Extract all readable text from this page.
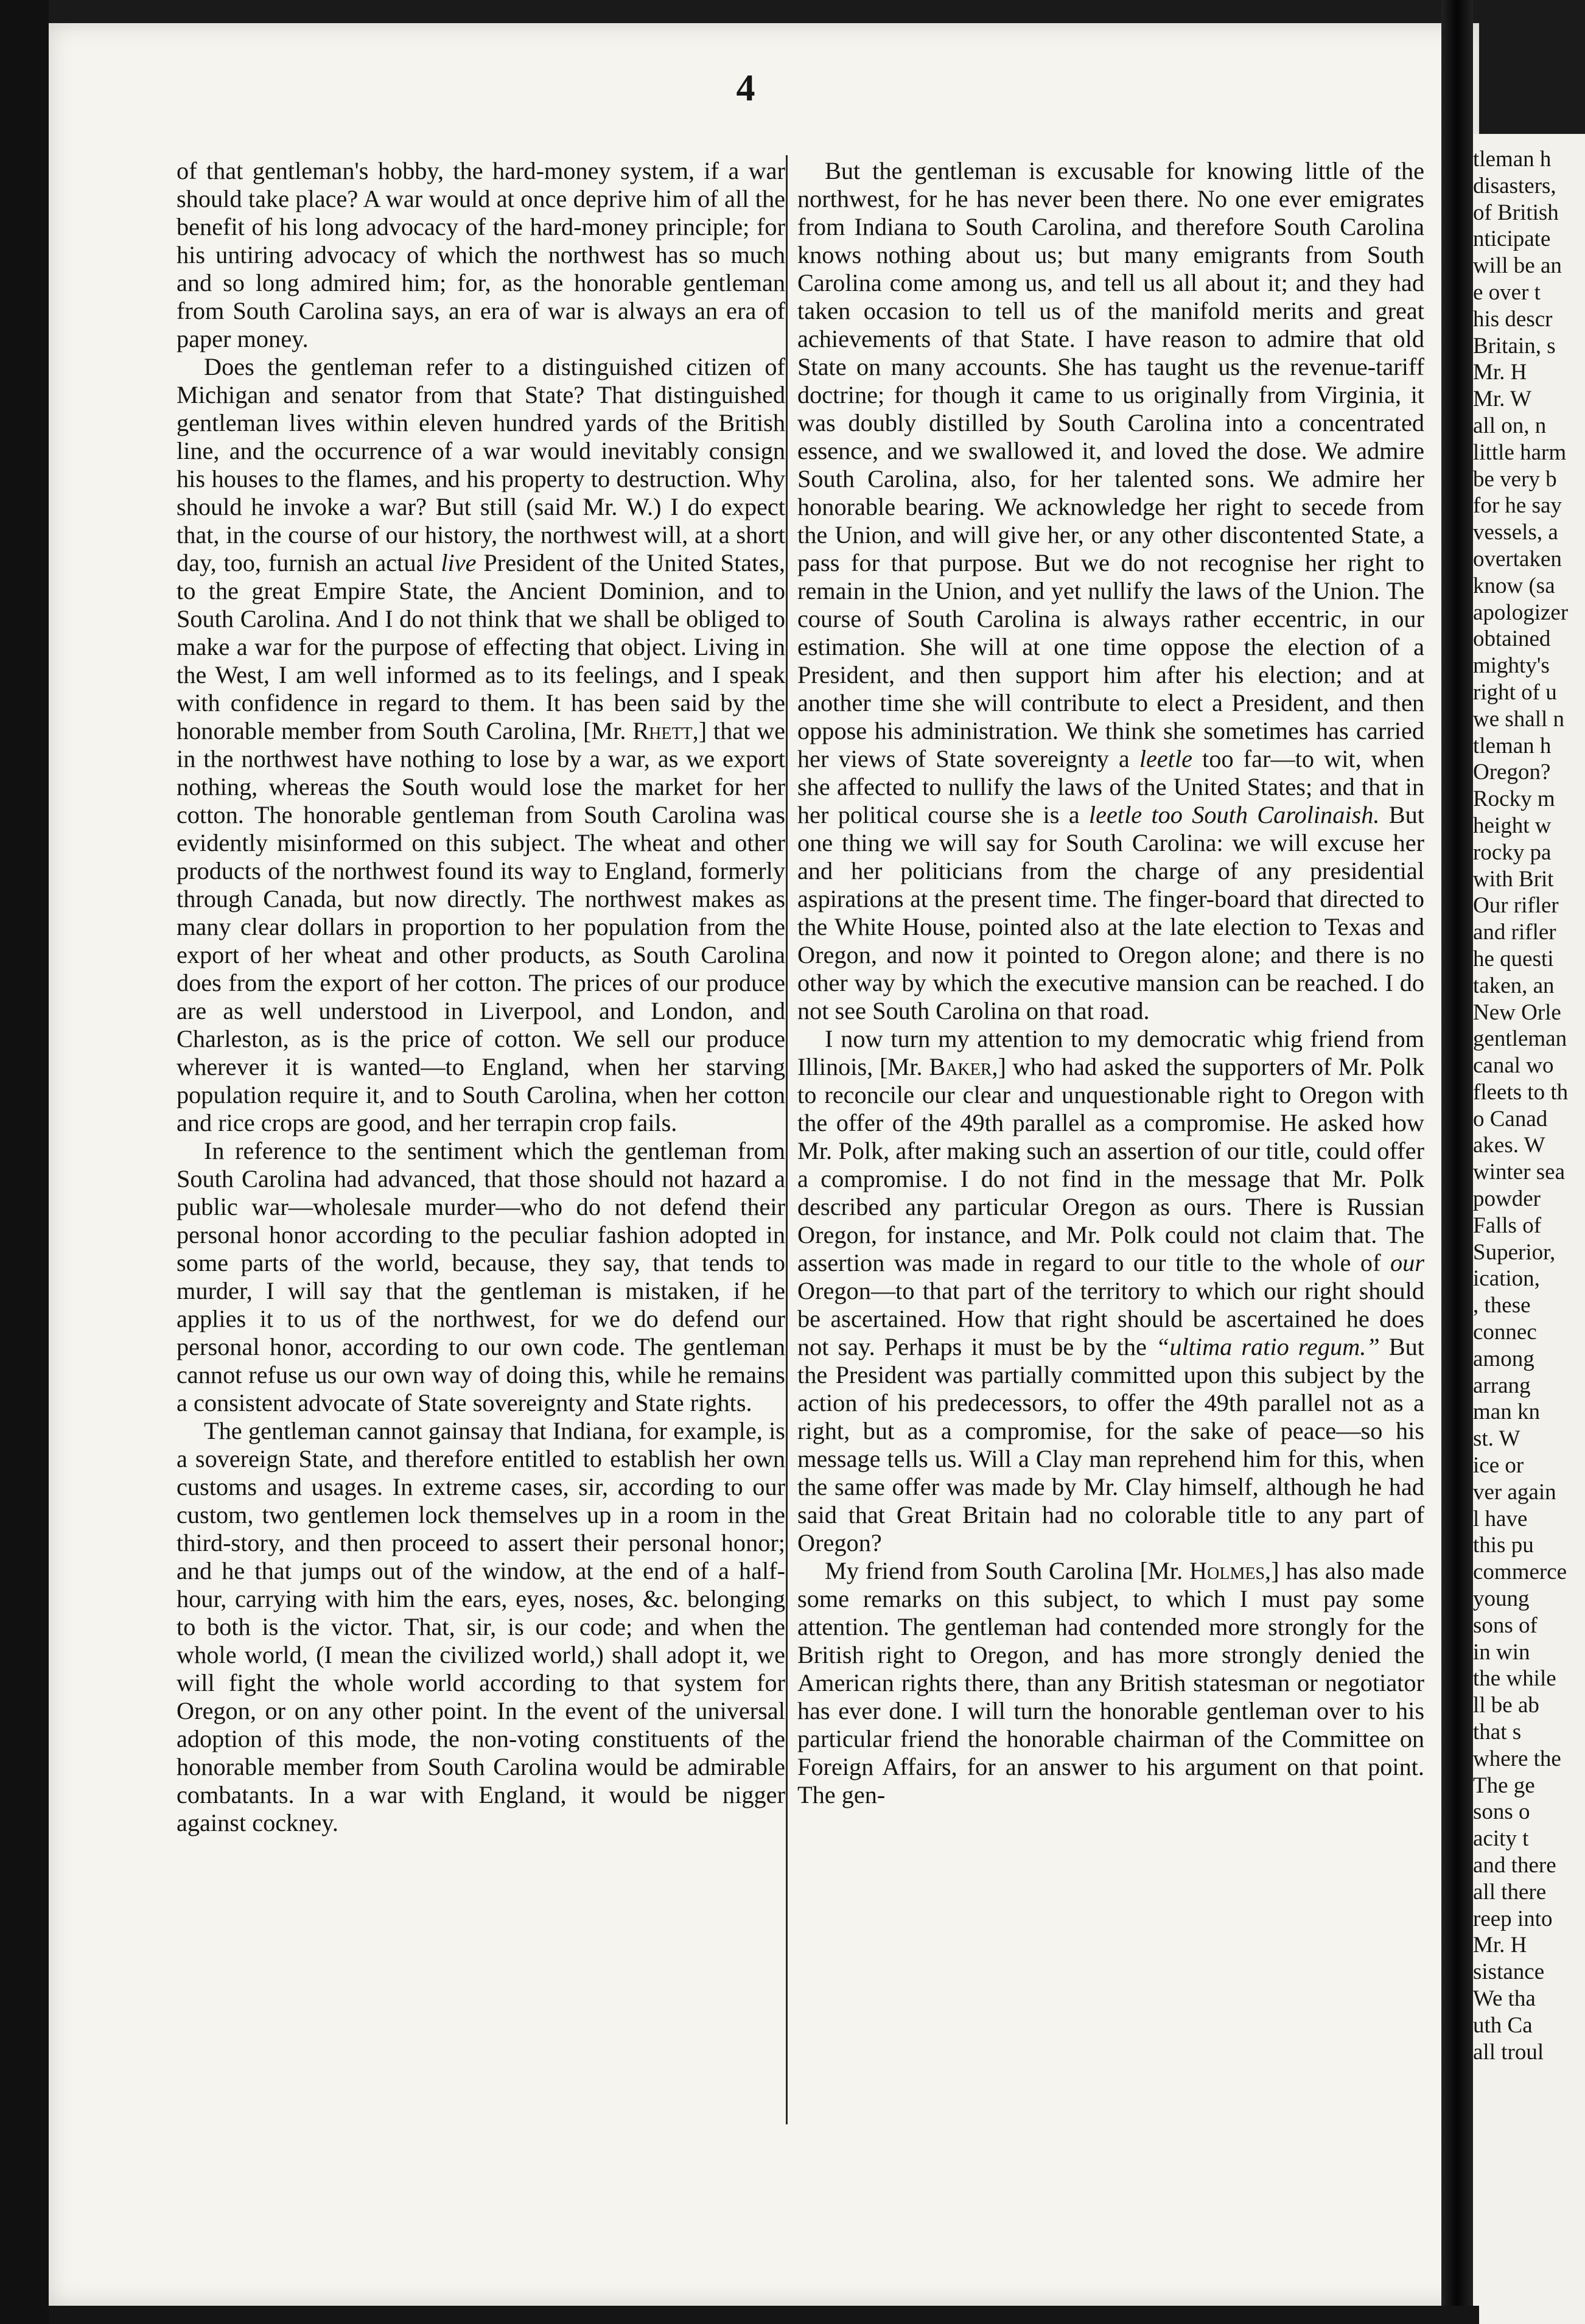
4

of that gentleman's hobby, the hard-money system, if a war should take place? A war would at once deprive him of all the benefit of his long advocacy of the hard-money principle; for his untiring advocacy of which the northwest has so much and so long admired him; for, as the honorable gentleman from South Carolina says, an era of war is always an era of paper money.

Does the gentleman refer to a distinguished citizen of Michigan and senator from that State? That distinguished gentleman lives within eleven hundred yards of the British line, and the occurrence of a war would inevitably consign his houses to the flames, and his property to destruction. Why should he invoke a war? But still (said Mr. W.) I do expect that, in the course of our history, the northwest will, at a short day, too, furnish an actual live President of the United States, to the great Empire State, the Ancient Dominion, and to South Carolina. And I do not think that we shall be obliged to make a war for the purpose of effecting that object. Living in the West, I am well informed as to its feelings, and I speak with confidence in regard to them. It has been said by the honorable member from South Carolina, [Mr. Rhett,] that we in the northwest have nothing to lose by a war, as we export nothing, whereas the South would lose the market for her cotton. The honorable gentleman from South Carolina was evidently misinformed on this subject. The wheat and other products of the northwest found its way to England, formerly through Canada, but now directly. The northwest makes as many clear dollars in proportion to her population from the export of her wheat and other products, as South Carolina does from the export of her cotton. The prices of our produce are as well understood in Liverpool, and London, and Charleston, as is the price of cotton. We sell our produce wherever it is wanted—to England, when her starving population require it, and to South Carolina, when her cotton and rice crops are good, and her terrapin crop fails.

In reference to the sentiment which the gentleman from South Carolina had advanced, that those should not hazard a public war—wholesale murder—who do not defend their personal honor according to the peculiar fashion adopted in some parts of the world, because, they say, that tends to murder, I will say that the gentleman is mistaken, if he applies it to us of the northwest, for we do defend our personal honor, according to our own code. The gentleman cannot refuse us our own way of doing this, while he remains a consistent advocate of State sovereignty and State rights.

The gentleman cannot gainsay that Indiana, for example, is a sovereign State, and therefore entitled to establish her own customs and usages. In extreme cases, sir, according to our custom, two gentlemen lock themselves up in a room in the third-story, and then proceed to assert their personal honor; and he that jumps out of the window, at the end of a half-hour, carrying with him the ears, eyes, noses, &c. belonging to both is the victor. That, sir, is our code; and when the whole world, (I mean the civilized world,) shall adopt it, we will fight the whole world according to that system for Oregon, or on any other point. In the event of the universal adoption of this mode, the non-voting constituents of the honorable member from South Carolina would be admirable combatants. In a war with England, it would be nigger against cockney.

But the gentleman is excusable for knowing little of the northwest, for he has never been there. No one ever emigrates from Indiana to South Carolina, and therefore South Carolina knows nothing about us; but many emigrants from South Carolina come among us, and tell us all about it; and they had taken occasion to tell us of the manifold merits and great achievements of that State. I have reason to admire that old State on many accounts. She has taught us the revenue-tariff doctrine; for though it came to us originally from Virginia, it was doubly distilled by South Carolina into a concentrated essence, and we swallowed it, and loved the dose. We admire South Carolina, also, for her talented sons. We admire her honorable bearing. We acknowledge her right to secede from the Union, and will give her, or any other discontented State, a pass for that purpose. But we do not recognise her right to remain in the Union, and yet nullify the laws of the Union. The course of South Carolina is always rather eccentric, in our estimation. She will at one time oppose the election of a President, and then support him after his election; and at another time she will contribute to elect a President, and then oppose his administration. We think she sometimes has carried her views of State sovereignty a leetle too far—to wit, when she affected to nullify the laws of the United States; and that in her political course she is a leetle too South Carolinaish. But one thing we will say for South Carolina: we will excuse her and her politicians from the charge of any presidential aspirations at the present time. The finger-board that directed to the White House, pointed also at the late election to Texas and Oregon, and now it pointed to Oregon alone; and there is no other way by which the executive mansion can be reached. I do not see South Carolina on that road.

I now turn my attention to my democratic whig friend from Illinois, [Mr. Baker,] who had asked the supporters of Mr. Polk to reconcile our clear and unquestionable right to Oregon with the offer of the 49th parallel as a compromise. He asked how Mr. Polk, after making such an assertion of our title, could offer a compromise. I do not find in the message that Mr. Polk described any particular Oregon as ours. There is Russian Oregon, for instance, and Mr. Polk could not claim that. The assertion was made in regard to our title to the whole of our Oregon—to that part of the territory to which our right should be ascertained. How that right should be ascertained he does not say. Perhaps it must be by the “ultima ratio regum.” But the President was partially committed upon this subject by the action of his predecessors, to offer the 49th parallel not as a right, but as a compromise, for the sake of peace—so his message tells us. Will a Clay man reprehend him for this, when the same offer was made by Mr. Clay himself, although he had said that Great Britain had no colorable title to any part of Oregon?

My friend from South Carolina [Mr. Holmes,] has also made some remarks on this subject, to which I must pay some attention. The gentleman had contended more strongly for the British right to Oregon, and has more strongly denied the American rights there, than any British statesman or negotiator has ever done. I will turn the honorable gentleman over to his particular friend the honorable chairman of the Committee on Foreign Affairs, for an answer to his argument on that point. The gen-

tleman h
disasters,
of British
nticipate
will be an
e over t
his descr
Britain, s
Mr. H
Mr. W
all on, n
little harm
be very b
for he say
vessels, a
overtaken
know (sa
apologizer
obtained
mighty's
right of u
we shall n
tleman h
Oregon?
Rocky m
height w
rocky pa
with Brit
Our rifler
and rifler
he questi
taken, an
New Orle
gentleman
canal wo
fleets to th
o Canad
akes. W
winter sea
powder
Falls of
Superior,
ication,
, these
connec
among
arrang
man kn
st. W
ice or
ver again
l have
this pu
commerce
young
sons of
in win
the while
ll be ab
that s
where the
The ge
sons o
acity t
and there
all there
reep into
Mr. H
sistance
We tha
uth Ca
all troul
